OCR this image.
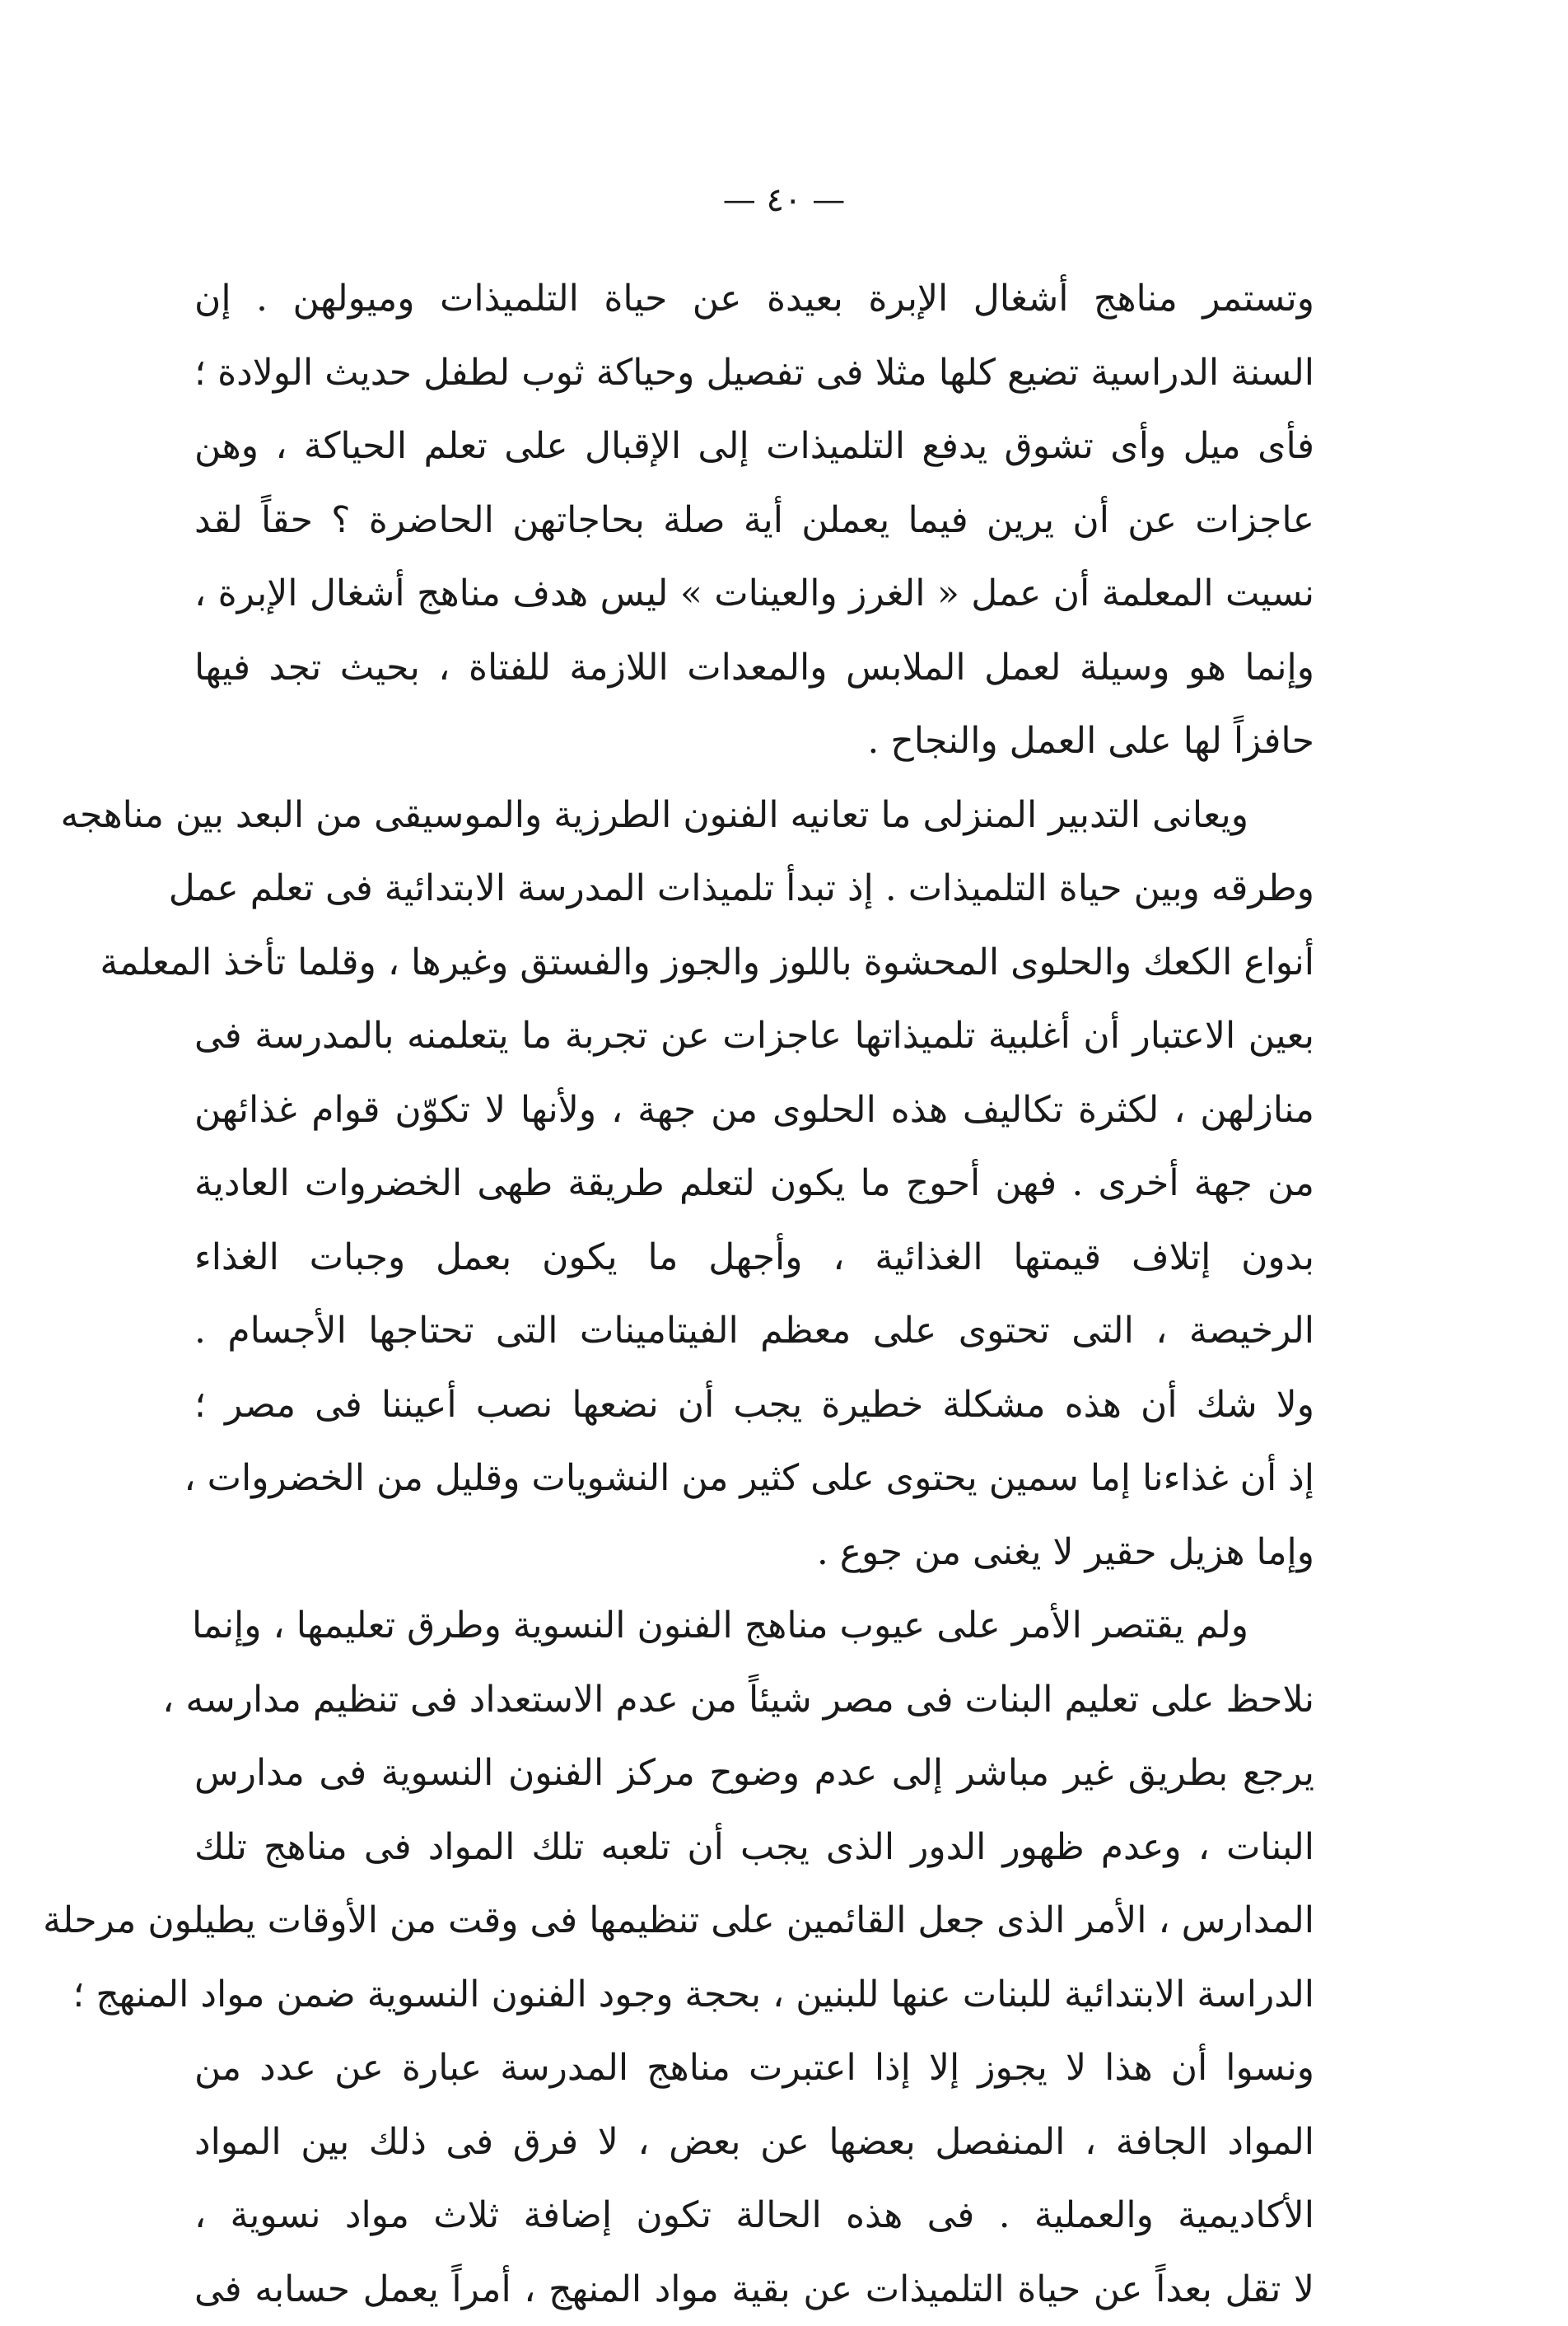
— ٤٠ —
وتستمر مناهج أشغال الإبرة بعيدة عن حياة التلميذات وميولهن . إن
السنة الدراسية تضيع كلها مثلا فى تفصيل وحياكة ثوب لطفل حديث الولادة ؛
فأى ميل وأى تشوق يدفع التلميذات إلى الإقبال على تعلم الحياكة ، وهن
عاجزات عن أن يرين فيما يعملن أية صلة بحاجاتهن الحاضرة ؟ حقاً لقد
نسيت المعلمة أن عمل « الغرز والعينات » ليس هدف مناهج أشغال الإبرة ،
وإنما هو وسيلة لعمل الملابس والمعدات اللازمة للفتاة ، بحيث تجد فيها
حافزاً لها على العمل والنجاح .
ويعانى التدبير المنزلى ما تعانيه الفنون الطرزية والموسيقى من البعد بين مناهجه
وطرقه وبين حياة التلميذات . إذ تبدأ تلميذات المدرسة الابتدائية فى تعلم عمل
أنواع الكعك والحلوى المحشوة باللوز والجوز والفستق وغيرها ، وقلما تأخذ المعلمة
بعين الاعتبار أن أغلبية تلميذاتها عاجزات عن تجربة ما يتعلمنه بالمدرسة فى
منازلهن ، لكثرة تكاليف هذه الحلوى من جهة ، ولأنها لا تكوّن قوام غذائهن
من جهة أخرى . فهن أحوج ما يكون لتعلم طريقة طهى الخضروات العادية
بدون إتلاف قيمتها الغذائية ، وأجهل ما يكون بعمل وجبات الغذاء
الرخيصة ، التى تحتوى على معظم الفيتامينات التى تحتاجها الأجسام .
ولا شك أن هذه مشكلة خطيرة يجب أن نضعها نصب أعيننا فى مصر ؛
إذ أن غذاءنا إما سمين يحتوى على كثير من النشويات وقليل من الخضروات ،
وإما هزيل حقير لا يغنى من جوع .
ولم يقتصر الأمر على عيوب مناهج الفنون النسوية وطرق تعليمها ، وإنما
نلاحظ على تعليم البنات فى مصر شيئاً من عدم الاستعداد فى تنظيم مدارسه ،
يرجع بطريق غير مباشر إلى عدم وضوح مركز الفنون النسوية فى مدارس
البنات ، وعدم ظهور الدور الذى يجب أن تلعبه تلك المواد فى مناهج تلك
المدارس ، الأمر الذى جعل القائمين على تنظيمها فى وقت من الأوقات يطيلون مرحلة
الدراسة الابتدائية للبنات عنها للبنين ، بحجة وجود الفنون النسوية ضمن مواد المنهج ؛
ونسوا أن هذا لا يجوز إلا إذا اعتبرت مناهج المدرسة عبارة عن عدد من
المواد الجافة ، المنفصل بعضها عن بعض ، لا فرق فى ذلك بين المواد
الأكاديمية والعملية . فى هذه الحالة تكون إضافة ثلاث مواد نسوية ،
لا تقل بعداً عن حياة التلميذات عن بقية مواد المنهج ، أمراً يعمل حسابه فى
